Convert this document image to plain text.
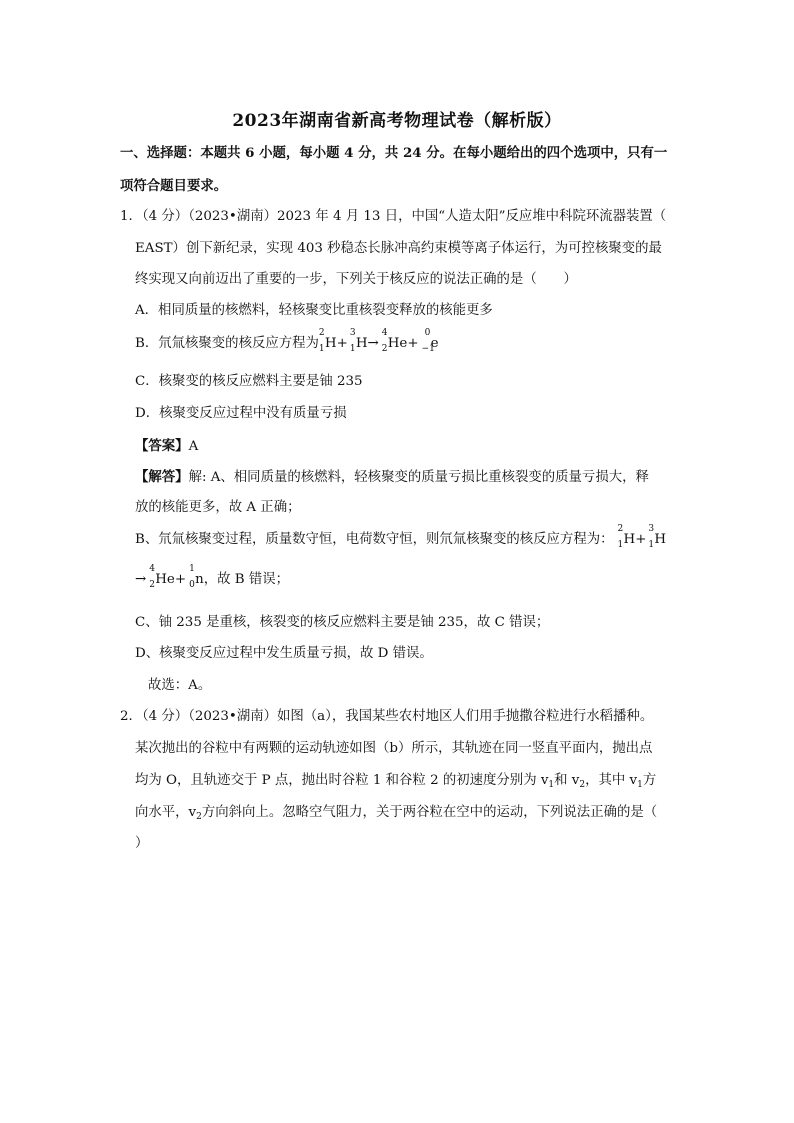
2023年湖南省新高考物理试卷（解析版）
一、选择题：本题共 6 小题，每小题 4 分，共 24 分。在每小题给出的四个选项中，只有一
项符合题目要求。
1．（4 分）（2023•湖南）2023 年 4 月 13 日，中国“人造太阳”反应堆中科院环流器装置（
EAST）创下新纪录，实现 403 秒稳态长脉冲高约束模等离子体运行，为可控核聚变的最
终实现又向前迈出了重要的一步，下列关于核反应的说法正确的是（　　）
A．相同质量的核燃料，轻核聚变比重核裂变释放的核能更多
B．氘氚核聚变的核反应方程为
2
1 H+
3
1 H→
4
2 He+
0
−1
e
C．核聚变的核反应燃料主要是铀 235
D．核聚变反应过程中没有质量亏损
【答案】A
【解答】解: A、相同质量的核燃料，轻核聚变的质量亏损比重核裂变的质量亏损大，释
放的核能更多，故 A 正确；
B、氘氚核聚变过程，质量数守恒，电荷数守恒，则氘氚核聚变的核反应方程为：
2
1 H+
3
1 H
→
4
2 He+
1
0 n，故 B 错误；
C、铀 235 是重核，核裂变的核反应燃料主要是铀 235，故 C 错误；
D、核聚变反应过程中发生质量亏损，故 D 错误。
故选：A。
2．（4 分）（2023•湖南）如图（a），我国某些农村地区人们用手抛撒谷粒进行水稻播种。
某次抛出的谷粒中有两颗的运动轨迹如图（b）所示，其轨迹在同一竖直平面内，抛出点
均为 O，且轨迹交于 P 点，抛出时谷粒 1 和谷粒 2 的初速度分别为 $v_1$和 $v_2$，其中 $v_1$方
向水平，$v_2$方向斜向上。忽略空气阻力，关于两谷粒在空中的运动，下列说法正确的是（
）
